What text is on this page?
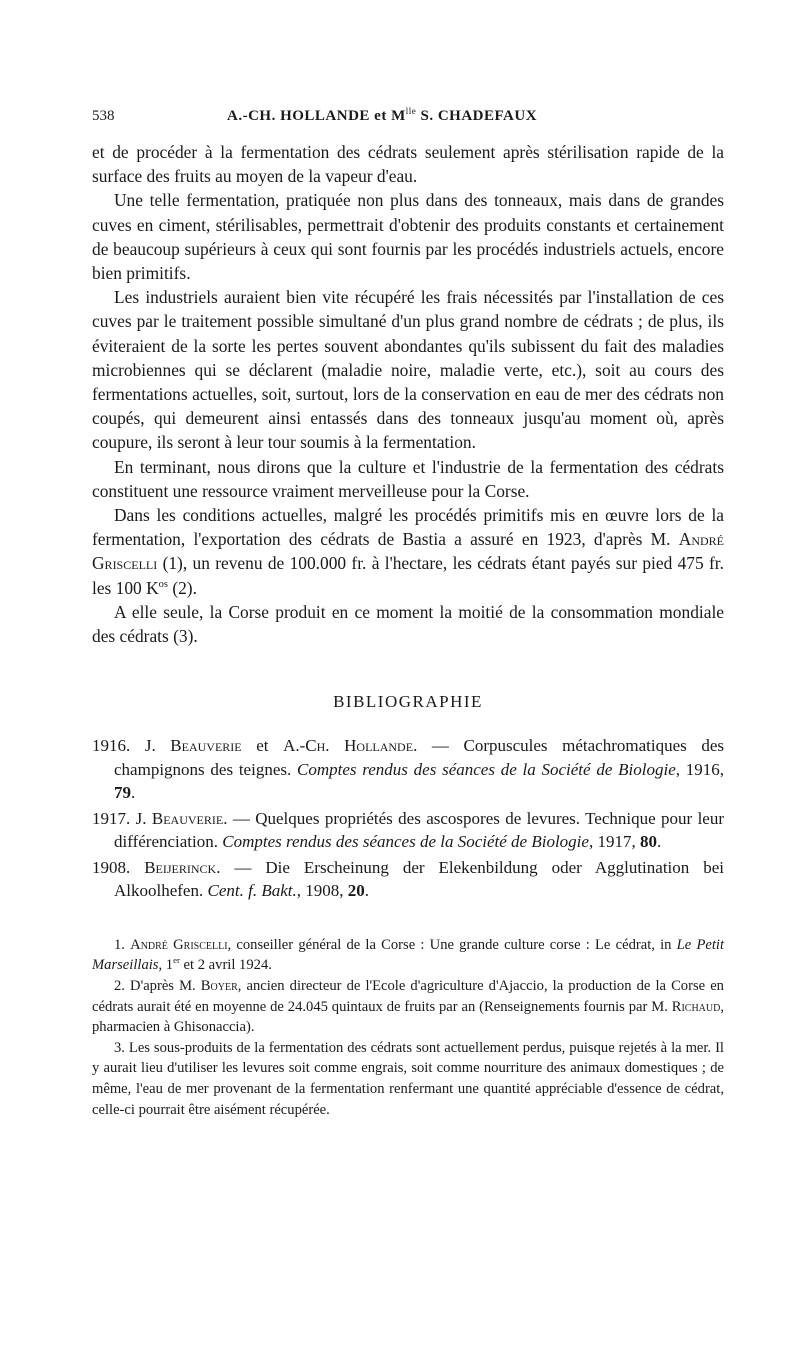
538	A.-CH. HOLLANDE et $M^{lle}$ S. CHADEFAUX

et de procéder à la fermentation des cédrats seulement après stérilisation rapide de la surface des fruits au moyen de la vapeur d'eau.

Une telle fermentation, pratiquée non plus dans des tonneaux, mais dans de grandes cuves en ciment, stérilisables, permettrait d'obtenir des produits constants et certainement de beaucoup supérieurs à ceux qui sont fournis par les procédés industriels actuels, encore bien primitifs.

Les industriels auraient bien vite récupéré les frais nécessités par l'installation de ces cuves par le traitement possible simultané d'un plus grand nombre de cédrats ; de plus, ils éviteraient de la sorte les pertes souvent abondantes qu'ils subissent du fait des maladies microbiennes qui se déclarent (maladie noire, maladie verte, etc.), soit au cours des fermentations actuelles, soit, surtout, lors de la conservation en eau de mer des cédrats non coupés, qui demeurent ainsi entassés dans des tonneaux jusqu'au moment où, après coupure, ils seront à leur tour soumis à la fermentation.

En terminant, nous dirons que la culture et l'industrie de la fermentation des cédrats constituent une ressource vraiment merveilleuse pour la Corse.

Dans les conditions actuelles, malgré les procédés primitifs mis en œuvre lors de la fermentation, l'exportation des cédrats de Bastia a assuré en 1923, d'après M. André Griscelli (1), un revenu de 100.000 fr. à l'hectare, les cédrats étant payés sur pied 475 fr. les 100 $K^{os}$ (2).

A elle seule, la Corse produit en ce moment la moitié de la consommation mondiale des cédrats (3).

BIBLIOGRAPHIE

1916. J. Beauverie et A.-Ch. Hollande. — Corpuscules métachromatiques des champignons des teignes. Comptes rendus des séances de la Société de Biologie, 1916, 79.

1917. J. Beauverie. — Quelques propriétés des ascospores de levures. Technique pour leur différenciation. Comptes rendus des séances de la Société de Biologie, 1917, 80.

1908. Beijerinck. — Die Erscheinung der Elekenbildung oder Agglutination bei Alkoolhefen. Cent. f. Bakt., 1908, 20.

1. André Griscelli, conseiller général de la Corse : Une grande culture corse : Le cédrat, in Le Petit Marseillais, 1er et 2 avril 1924.

2. D'après M. Boyer, ancien directeur de l'Ecole d'agriculture d'Ajaccio, la production de la Corse en cédrats aurait été en moyenne de 24.045 quintaux de fruits par an (Renseignements fournis par M. Richaud, pharmacien à Ghisonaccia).

3. Les sous-produits de la fermentation des cédrats sont actuellement perdus, puisque rejetés à la mer. Il y aurait lieu d'utiliser les levures soit comme engrais, soit comme nourriture des animaux domestiques ; de même, l'eau de mer provenant de la fermentation renfermant une quantité appréciable d'essence de cédrat, celle-ci pourrait être aisément récupérée.
